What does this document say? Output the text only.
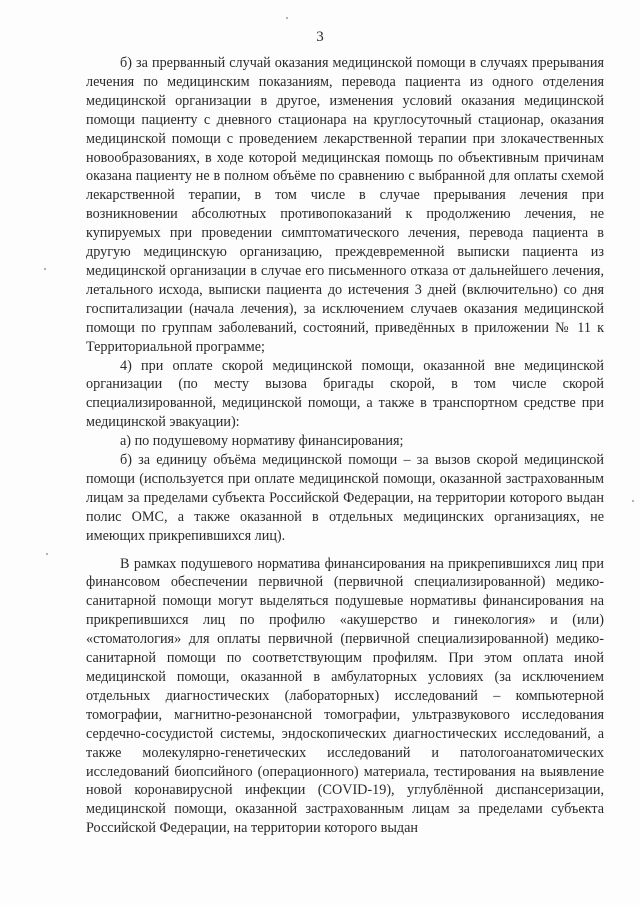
3

б) за прерванный случай оказания медицинской помощи в случаях прерывания лечения по медицинским показаниям, перевода пациента из одного отделения медицинской организации в другое, изменения условий оказания медицинской помощи пациенту с дневного стационара на круглосуточный стационар, оказания медицинской помощи с проведением лекарственной терапии при злокачественных новообразованиях, в ходе которой медицинская помощь по объективным причинам оказана пациенту не в полном объёме по сравнению с выбранной для оплаты схемой лекарственной терапии, в том числе в случае прерывания лечения при возникновении абсолютных противопоказаний к продолжению лечения, не купируемых при проведении симптоматического лечения, перевода пациента в другую медицинскую организацию, преждевременной выписки пациента из медицинской организации в случае его письменного отказа от дальнейшего лечения, летального исхода, выписки пациента до истечения 3 дней (включительно) со дня госпитализации (начала лечения), за исключением случаев оказания медицинской помощи по группам заболеваний, состояний, приведённых в приложении № 11 к Территориальной программе;

4) при оплате скорой медицинской помощи, оказанной вне медицинской организации (по месту вызова бригады скорой, в том числе скорой специализированной, медицинской помощи, а также в транспортном средстве при медицинской эвакуации):

а) по подушевому нормативу финансирования;

б) за единицу объёма медицинской помощи – за вызов скорой медицинской помощи (используется при оплате медицинской помощи, оказанной застрахованным лицам за пределами субъекта Российской Федерации, на территории которого выдан полис ОМС, а также оказанной в отдельных медицинских организациях, не имеющих прикрепившихся лиц).

В рамках подушевого норматива финансирования на прикрепившихся лиц при финансовом обеспечении первичной (первичной специализированной) медико-санитарной помощи могут выделяться подушевые нормативы финансирования на прикрепившихся лиц по профилю «акушерство и гинекология» и (или) «стоматология» для оплаты первичной (первичной специализированной) медико-санитарной помощи по соответствующим профилям. При этом оплата иной медицинской помощи, оказанной в амбулаторных условиях (за исключением отдельных диагностических (лабораторных) исследований – компьютерной томографии, магнитно-резонансной томографии, ультразвукового исследования сердечно-сосудистой системы, эндоскопических диагностических исследований, а также молекулярно-генетических исследований и патологоанатомических исследований биопсийного (операционного) материала, тестирования на выявление новой коронавирусной инфекции (COVID-19), углублённой диспансеризации, медицинской помощи, оказанной застрахованным лицам за пределами субъекта Российской Федерации, на территории которого выдан
